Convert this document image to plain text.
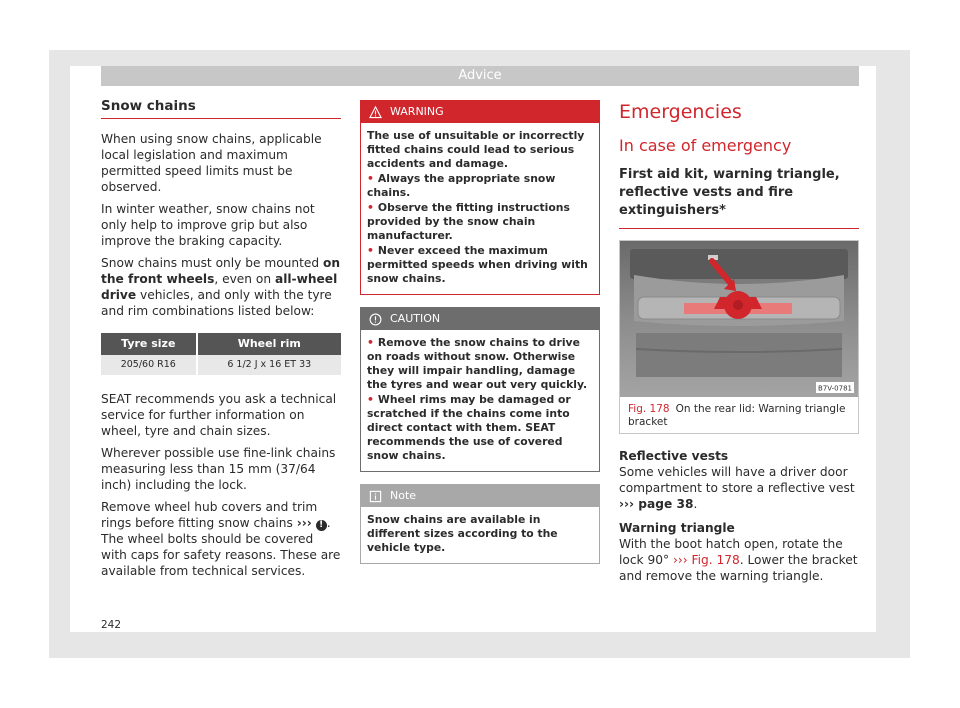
Advice
Snow chains

When using snow chains, applicable local legislation and maximum permitted speed limits must be observed.

In winter weather, snow chains not only help to improve grip but also improve the braking capacity.

Snow chains must only be mounted on the front wheels, even on all-wheel drive vehicles, and only with the tyre and rim combinations listed below:

Tyre size	Wheel rim
205/60 R16	6 1/2 J x 16 ET 33

SEAT recommends you ask a technical service for further information on wheel, tyre and chain sizes.

Wherever possible use fine-link chains measuring less than 15 mm (37/64 inch) including the lock.

Remove wheel hub covers and trim rings before fitting snow chains ››› ! . The wheel bolts should be covered with caps for safety reasons. These are available from technical services.

WARNING

The use of unsuitable or incorrectly fitted chains could lead to serious accidents and damage.

• Always the appropriate snow chains.

• Observe the fitting instructions provided by the snow chain manufacturer.

• Never exceed the maximum permitted speeds when driving with snow chains.

CAUTION

• Remove the snow chains to drive on roads without snow. Otherwise they will impair handling, damage the tyres and wear out very quickly.

• Wheel rims may be damaged or scratched if the chains come into direct contact with them. SEAT recommends the use of covered snow chains.

Note

Snow chains are available in different sizes according to the vehicle type.

Emergencies
In case of emergency
First aid kit, warning triangle, reflective vests and fire extinguishers*
B7V-0781
Fig. 178 On the rear lid: Warning triangle bracket

Reflective vests

Some vehicles will have a driver door compartment to store a reflective vest ››› page 38.

Warning triangle

With the boot hatch open, rotate the lock 90° ››› Fig. 178. Lower the bracket and remove the warning triangle.

242
